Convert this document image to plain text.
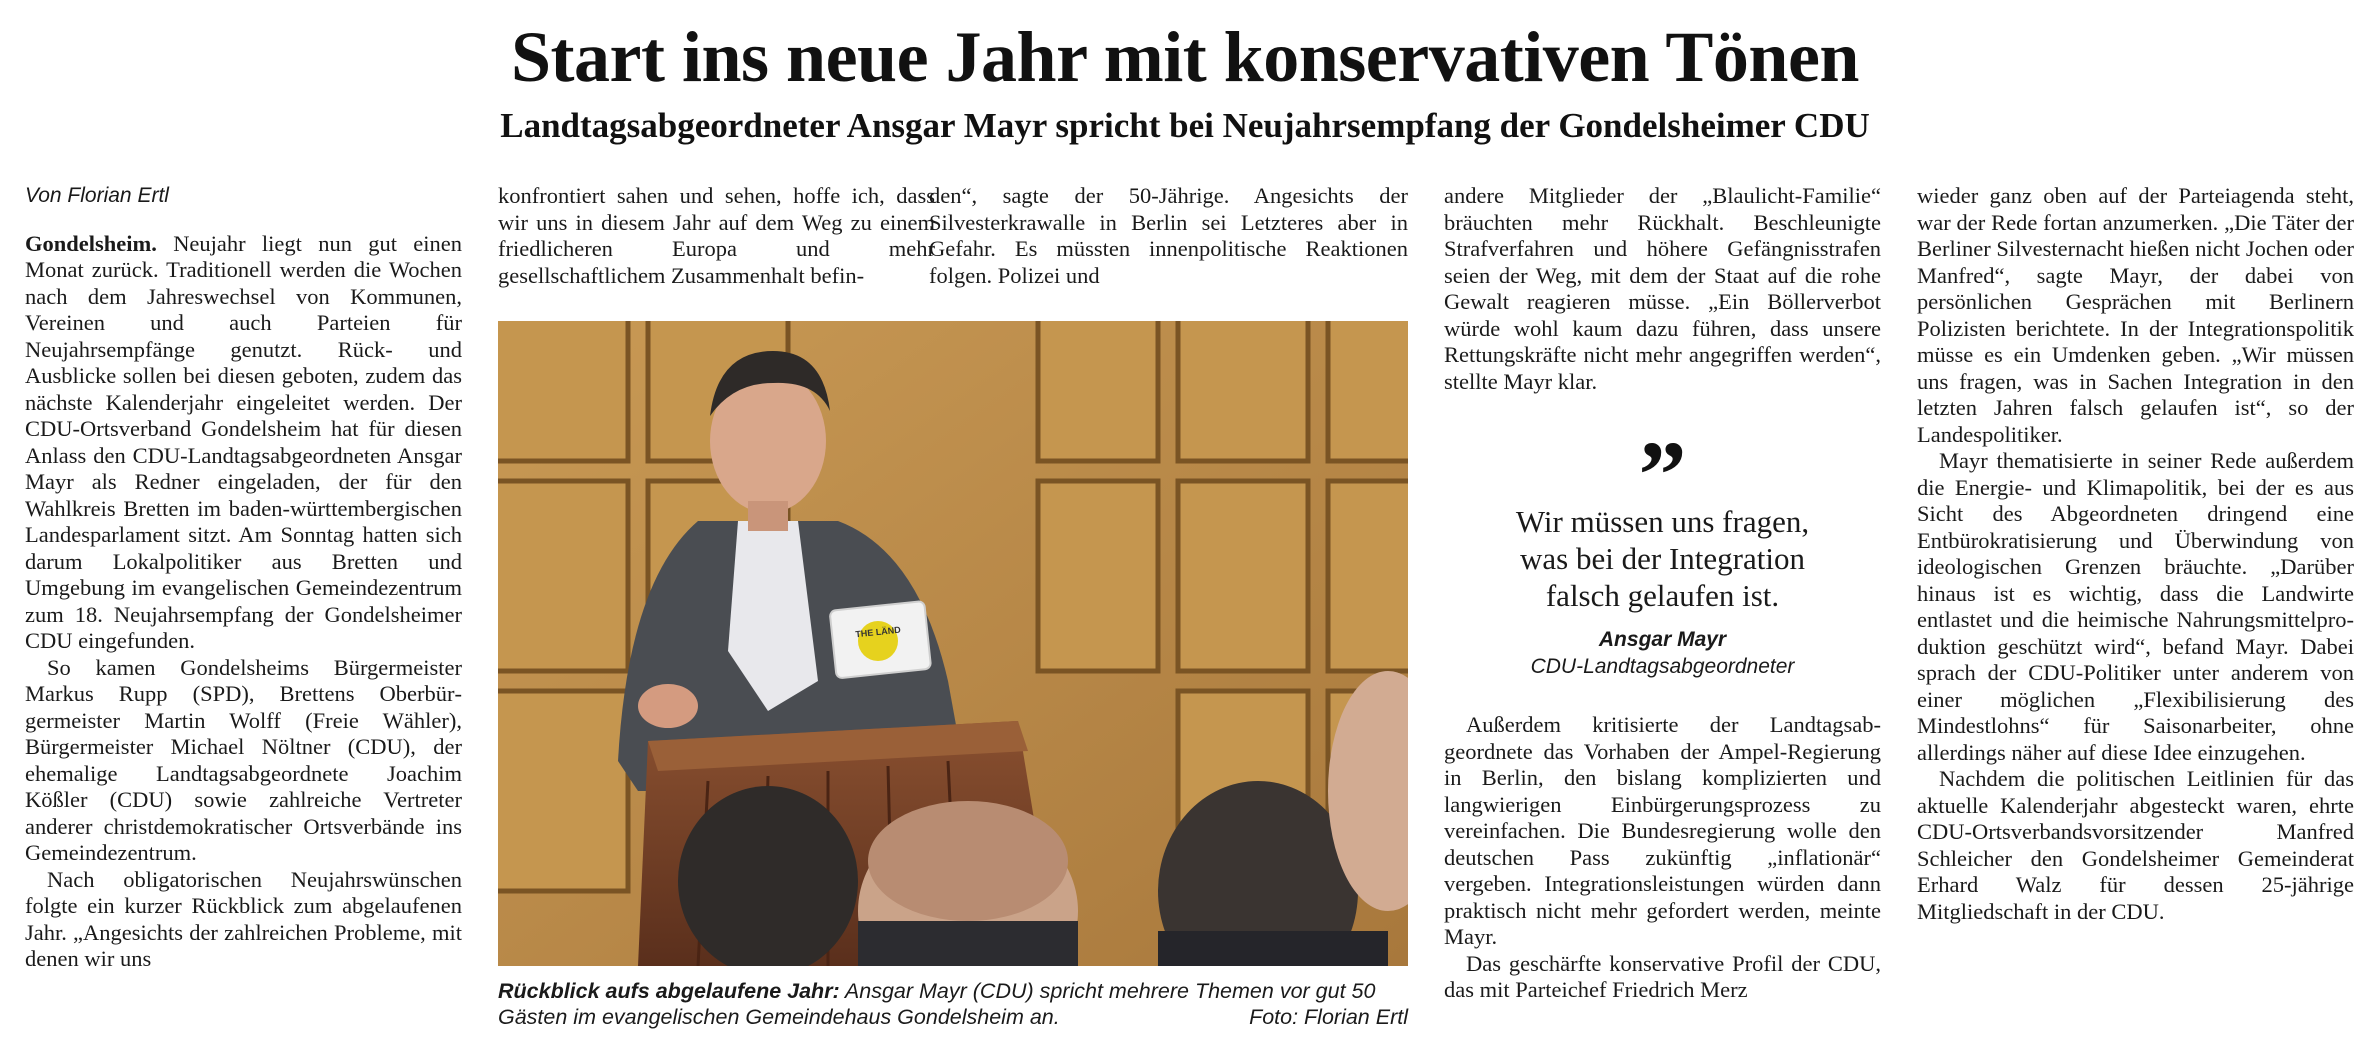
Start ins neue Jahr mit konservativen Tönen
Landtagsabgeordneter Ansgar Mayr spricht bei Neujahrsempfang der Gondelsheimer CDU

Von Florian Ertl

Gondelsheim. Neujahr liegt nun gut einen Monat zurück. Traditionell werden die Wochen nach dem Jahreswechsel von Kommunen, Vereinen und auch Parteien für Neujahrsempfänge genutzt. Rück- und Ausblicke sollen bei diesen geboten, zudem das nächste Kalenderjahr eingeleitet werden. Der CDU-Ortsverband Gondelsheim hat für diesen Anlass den CDU-Landtagsabgeordneten Ansgar Mayr als Redner eingeladen, der für den Wahlkreis Bretten im baden-württembergischen Landesparlament sitzt. Am Sonntag hatten sich darum Lokalpolitiker aus Bretten und Umgebung im evangelischen Gemeindezentrum zum 18. Neujahrsempfang der Gondelsheimer CDU eingefunden.

So kamen Gondelsheims Bürgermeister Markus Rupp (SPD), Brettens Oberbürgermeister Martin Wolff (Freie Wähler), Bürgermeister Michael Nöltner (CDU), der ehemalige Landtagsabgeordnete Joachim Kößler (CDU) sowie zahlreiche Vertreter anderer christdemokratischer Ortsverbände ins Gemeindezentrum.

Nach obligatorischen Neujahrswünschen folgte ein kurzer Rückblick zum abgelaufenen Jahr. „Angesichts der zahlreichen Probleme, mit denen wir uns

konfrontiert sahen und sehen, hoffe ich, dass wir uns in diesem Jahr auf dem Weg zu einem friedlicheren Europa und mehr gesellschaftlichem Zusammenhalt befin-

den“, sagte der 50-Jährige. Angesichts der Silvesterkrawalle in Berlin sei Letzteres aber in Gefahr. Es müssten innenpolitische Reaktionen folgen. Polizei und

THE LÄND
Rückblick aufs abgelaufene Jahr: Ansgar Mayr (CDU) spricht mehrere Themen vor gut 50 Gästen im evangelischen Gemeindehaus Gondelsheim an.	Foto: Florian Ertl

andere Mitglieder der „Blaulicht-Familie“ bräuchten mehr Rückhalt. Beschleunigte Strafverfahren und höhere Gefängnisstrafen seien der Weg, mit dem der Staat auf die rohe Gewalt reagieren müsse. „Ein Böllerverbot würde wohl kaum dazu führen, dass unsere Rettungskräfte nicht mehr angegriffen werden“, stellte Mayr klar.

”
Wir müssen uns fragen,
was bei der Integration
falsch gelaufen ist.
Ansgar Mayr
CDU-Landtagsabgeordneter

Außerdem kritisierte der Landtagsabgeordnete das Vorhaben der Ampel-Regierung in Berlin, den bislang komplizierten und langwierigen Einbürgerungsprozess zu vereinfachen. Die Bundesregierung wolle den deutschen Pass zukünftig „inflationär“ vergeben. Integrationsleistungen würden dann praktisch nicht mehr gefordert werden, meinte Mayr.

Das geschärfte konservative Profil der CDU, das mit Parteichef Friedrich Merz

wieder ganz oben auf der Parteiagenda steht, war der Rede fortan anzumerken. „Die Täter der Berliner Silvesternacht hießen nicht Jochen oder Manfred“, sagte Mayr, der dabei von persönlichen Gesprächen mit Berlinern Polizisten berichtete. In der Integrationspolitik müsse es ein Umdenken geben. „Wir müssen uns fragen, was in Sachen Integration in den letzten Jahren falsch gelaufen ist“, so der Landespolitiker.

Mayr thematisierte in seiner Rede außerdem die Energie- und Klimapolitik, bei der es aus Sicht des Abgeordneten dringend eine Entbürokratisierung und Überwindung von ideologischen Grenzen bräuchte. „Darüber hinaus ist es wichtig, dass die Landwirte entlastet und die heimische Nahrungsmittelproduktion geschützt wird“, befand Mayr. Dabei sprach der CDU-Politiker unter anderem von einer möglichen „Flexibilisierung des Mindestlohns“ für Saisonarbeiter, ohne allerdings näher auf diese Idee einzugehen.

Nachdem die politischen Leitlinien für das aktuelle Kalenderjahr abgesteckt waren, ehrte CDU-Ortsverbandsvorsitzender Manfred Schleicher den Gondelsheimer Gemeinderat Erhard Walz für dessen 25-jährige Mitgliedschaft in der CDU.
